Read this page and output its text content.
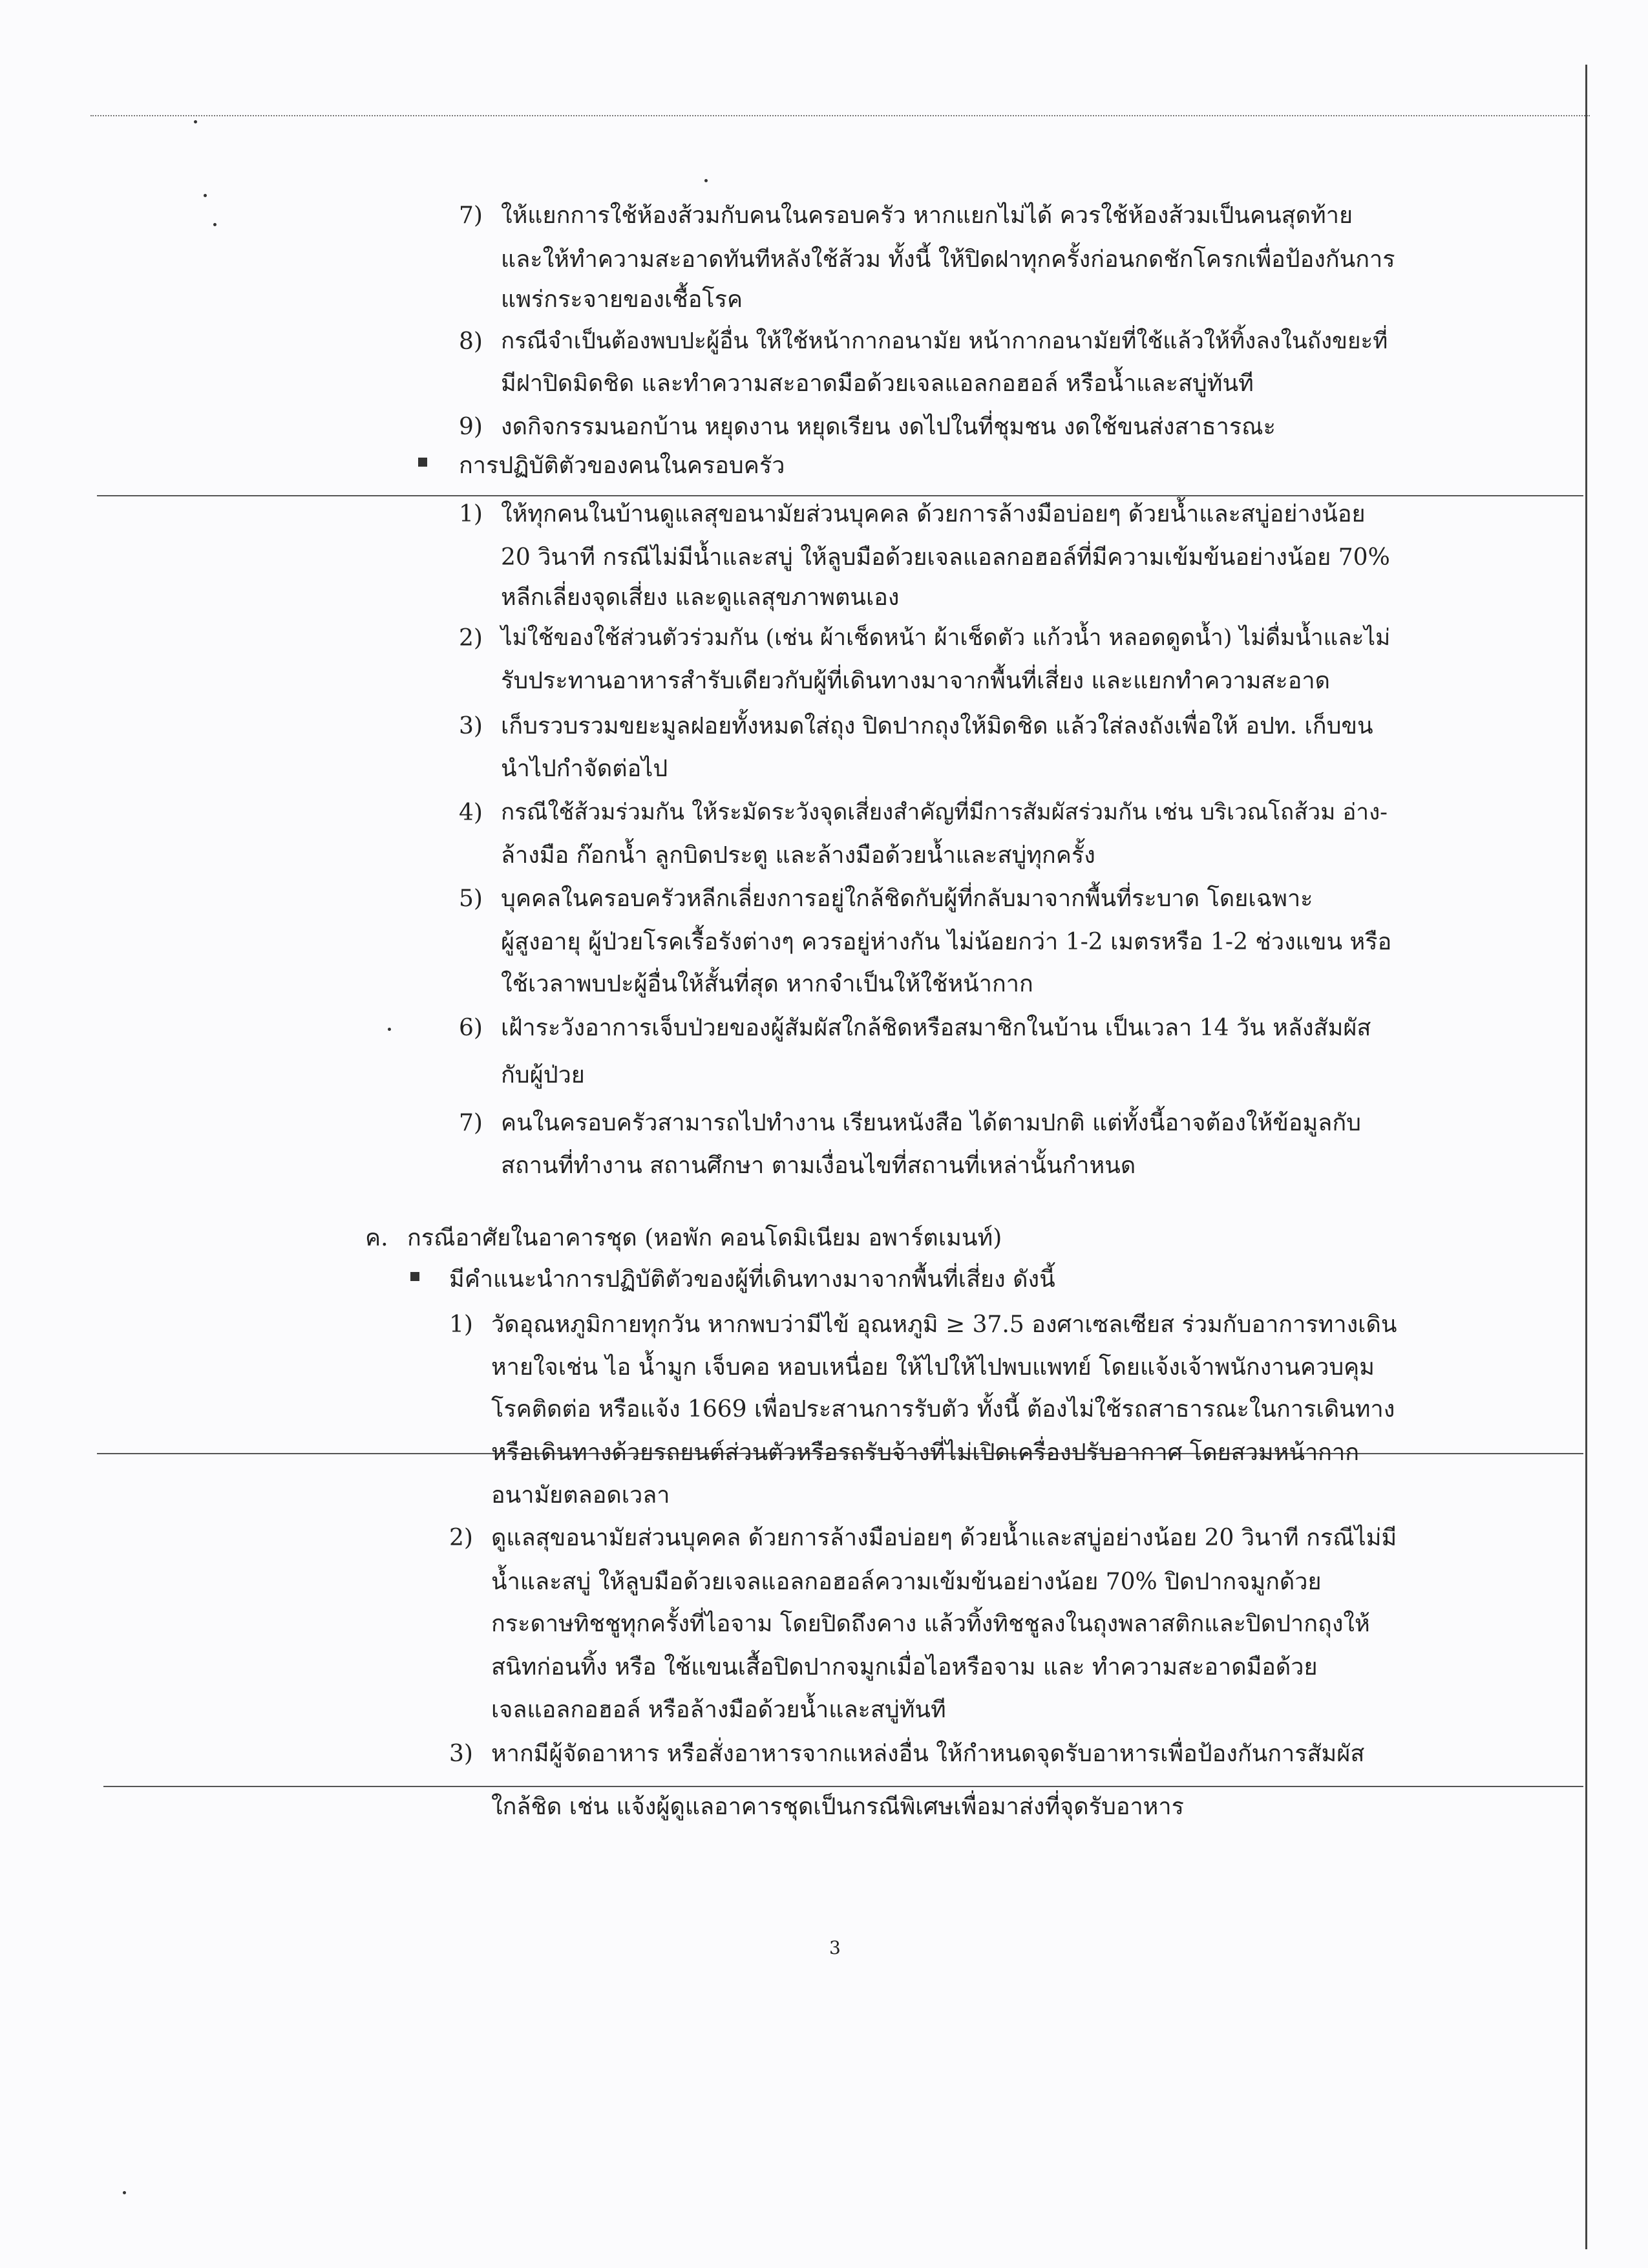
7) ให้แยกการใช้ห้องส้วมกับคนในครอบครัว หากแยกไม่ได้ ควรใช้ห้องส้วมเป็นคนสุดท้าย
และให้ทำความสะอาดทันทีหลังใช้ส้วม ทั้งนี้ ให้ปิดฝาทุกครั้งก่อนกดชักโครกเพื่อป้องกันการ
แพร่กระจายของเชื้อโรค
8) กรณีจำเป็นต้องพบปะผู้อื่น ให้ใช้หน้ากากอนามัย หน้ากากอนามัยที่ใช้แล้วให้ทิ้งลงในถังขยะที่
มีฝาปิดมิดชิด และทำความสะอาดมือด้วยเจลแอลกอฮอล์ หรือน้ำและสบู่ทันที
9) งดกิจกรรมนอกบ้าน หยุดงาน หยุดเรียน งดไปในที่ชุมชน งดใช้ขนส่งสาธารณะ
การปฏิบัติตัวของคนในครอบครัว
1) ให้ทุกคนในบ้านดูแลสุขอนามัยส่วนบุคคล ด้วยการล้างมือบ่อยๆ ด้วยน้ำและสบู่อย่างน้อย
20 วินาที กรณีไม่มีน้ำและสบู่ ให้ลูบมือด้วยเจลแอลกอฮอล์ที่มีความเข้มข้นอย่างน้อย 70%
หลีกเลี่ยงจุดเสี่ยง และดูแลสุขภาพตนเอง
2) ไม่ใช้ของใช้ส่วนตัวร่วมกัน (เช่น ผ้าเช็ดหน้า ผ้าเช็ดตัว แก้วน้ำ หลอดดูดน้ำ) ไม่ดื่มน้ำและไม่
รับประทานอาหารสำรับเดียวกับผู้ที่เดินทางมาจากพื้นที่เสี่ยง และแยกทำความสะอาด
3) เก็บรวบรวมขยะมูลฝอยทั้งหมดใส่ถุง ปิดปากถุงให้มิดชิด แล้วใส่ลงถังเพื่อให้ อปท. เก็บขน
นำไปกำจัดต่อไป
4) กรณีใช้ส้วมร่วมกัน ให้ระมัดระวังจุดเสี่ยงสำคัญที่มีการสัมผัสร่วมกัน เช่น บริเวณโถส้วม อ่าง-
ล้างมือ ก๊อกน้ำ ลูกบิดประตู และล้างมือด้วยน้ำและสบู่ทุกครั้ง
5) บุคคลในครอบครัวหลีกเลี่ยงการอยู่ใกล้ชิดกับผู้ที่กลับมาจากพื้นที่ระบาด โดยเฉพาะ
ผู้สูงอายุ ผู้ป่วยโรคเรื้อรังต่างๆ ควรอยู่ห่างกัน ไม่น้อยกว่า 1-2 เมตรหรือ 1-2 ช่วงแขน หรือ
ใช้เวลาพบปะผู้อื่นให้สั้นที่สุด หากจำเป็นให้ใช้หน้ากาก
6) เฝ้าระวังอาการเจ็บป่วยของผู้สัมผัสใกล้ชิดหรือสมาชิกในบ้าน เป็นเวลา 14 วัน หลังสัมผัส
กับผู้ป่วย
7) คนในครอบครัวสามารถไปทำงาน เรียนหนังสือ ได้ตามปกติ แต่ทั้งนี้อาจต้องให้ข้อมูลกับ
สถานที่ทำงาน สถานศึกษา ตามเงื่อนไขที่สถานที่เหล่านั้นกำหนด
ค. กรณีอาศัยในอาคารชุด (หอพัก คอนโดมิเนียม อพาร์ตเมนท์)
มีคำแนะนำการปฏิบัติตัวของผู้ที่เดินทางมาจากพื้นที่เสี่ยง ดังนี้
1) วัดอุณหภูมิกายทุกวัน หากพบว่ามีไข้ อุณหภูมิ ≥ 37.5 องศาเซลเซียส ร่วมกับอาการทางเดิน
หายใจเช่น ไอ น้ำมูก เจ็บคอ หอบเหนื่อย ให้ไปให้ไปพบแพทย์ โดยแจ้งเจ้าพนักงานควบคุม
โรคติดต่อ หรือแจ้ง 1669 เพื่อประสานการรับตัว ทั้งนี้ ต้องไม่ใช้รถสาธารณะในการเดินทาง
หรือเดินทางด้วยรถยนต์ส่วนตัวหรือรถรับจ้างที่ไม่เปิดเครื่องปรับอากาศ โดยสวมหน้ากาก
อนามัยตลอดเวลา
2) ดูแลสุขอนามัยส่วนบุคคล ด้วยการล้างมือบ่อยๆ ด้วยน้ำและสบู่อย่างน้อย 20 วินาที กรณีไม่มี
น้ำและสบู่ ให้ลูบมือด้วยเจลแอลกอฮอล์ความเข้มข้นอย่างน้อย 70% ปิดปากจมูกด้วย
กระดาษทิชชูทุกครั้งที่ไอจาม โดยปิดถึงคาง แล้วทิ้งทิชชูลงในถุงพลาสติกและปิดปากถุงให้
สนิทก่อนทิ้ง หรือ ใช้แขนเสื้อปิดปากจมูกเมื่อไอหรือจาม และ ทำความสะอาดมือด้วย
เจลแอลกอฮอล์ หรือล้างมือด้วยน้ำและสบู่ทันที
3) หากมีผู้จัดอาหาร หรือสั่งอาหารจากแหล่งอื่น ให้กำหนดจุดรับอาหารเพื่อป้องกันการสัมผัส
ใกล้ชิด เช่น แจ้งผู้ดูแลอาคารชุดเป็นกรณีพิเศษเพื่อมาส่งที่จุดรับอาหาร
3
